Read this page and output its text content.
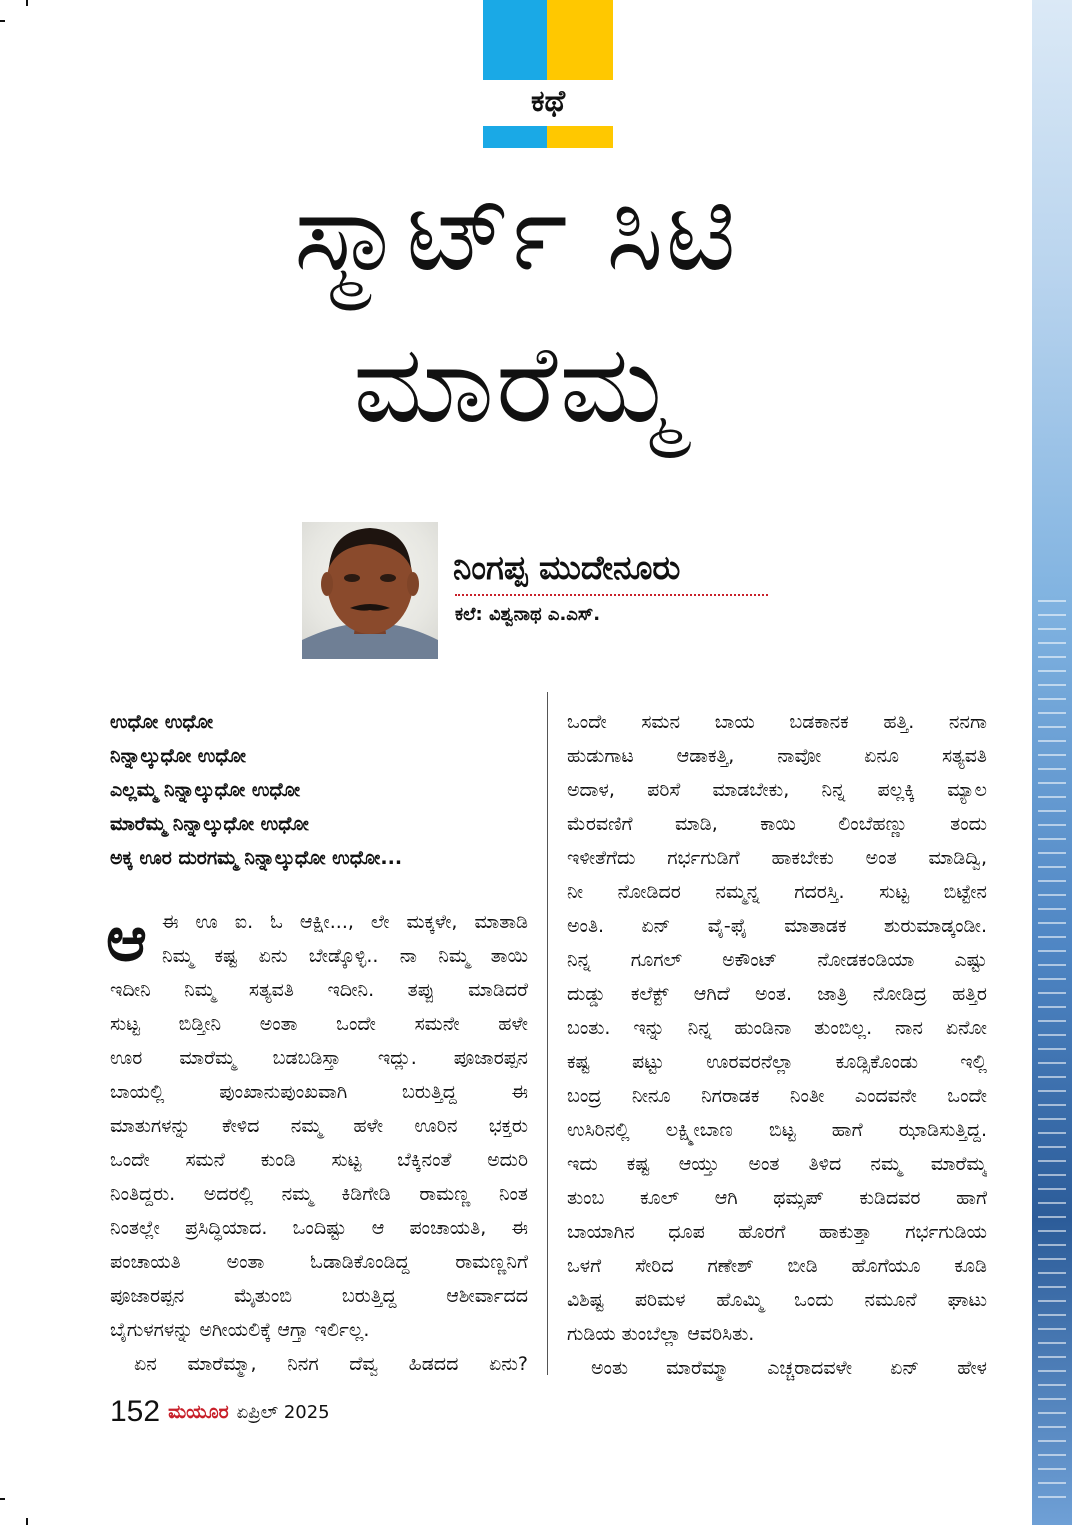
ಕಥೆ
ಸ್ಮಾರ್ಟ್ ಸಿಟಿ
ಮಾರೆಮ್ಮ
ನಿಂಗಪ್ಪ ಮುದೇನೂರು
ಕಲೆ: ವಿಶ್ವನಾಥ ಎ.ಎಸ್.
ಉಧೋ ಉಧೋ
ನಿನ್ನಾಲ್ಕುಧೋ ಉಧೋ
ಎಲ್ಲಮ್ಮ ನಿನ್ನಾಲ್ಕುಧೋ ಉಧೋ
ಮಾರೆಮ್ಮ ನಿನ್ನಾಲ್ಕುಧೋ ಉಧೋ
ಅಕ್ಕ ಊರ ದುರಗಮ್ಮ ನಿನ್ನಾಲ್ಕುಧೋ ಉಧೋ...
ಆ ಈ ಊ ಐ. ಓ ಆಕ್ಷೀ..., ಲೇ ಮಕ್ಕಳೇ, ಮಾತಾಡಿ
ನಿಮ್ಮ ಕಷ್ಟ ಏನು ಬೇಡ್ಕೊಳ್ಳಿ.. ನಾ ನಿಮ್ಮ ತಾಯಿ
ಇದೀನಿ ನಿಮ್ಮ ಸತ್ಯವತಿ ಇದೀನಿ. ತಪ್ಪು ಮಾಡಿದರೆ
ಸುಟ್ಟ ಬಿಡ್ತೀನಿ ಅಂತಾ ಒಂದೇ ಸಮನೇ ಹಳೇ
ಊರ ಮಾರೆಮ್ಮ ಬಡಬಡಿಸ್ತಾ ಇದ್ಲು. ಪೂಜಾರಪ್ಪನ
ಬಾಯಲ್ಲಿ ಪುಂಖಾನುಪುಂಖವಾಗಿ ಬರುತ್ತಿದ್ದ ಈ
ಮಾತುಗಳನ್ನು ಕೇಳಿದ ನಮ್ಮ ಹಳೇ ಊರಿನ ಭಕ್ತರು
ಒಂದೇ ಸಮನೆ ಕುಂಡಿ ಸುಟ್ಟ ಬೆಕ್ಕಿನಂತೆ ಅದುರಿ
ನಿಂತಿದ್ದರು. ಅದರಲ್ಲಿ ನಮ್ಮ ಕಿಡಿಗೇಡಿ ರಾಮಣ್ಣ ನಿಂತ
ನಿಂತಲ್ಲೇ ಪ್ರಸಿದ್ಧಿಯಾದ. ಒಂದಿಷ್ಟು ಆ ಪಂಚಾಯತಿ, ಈ
ಪಂಚಾಯತಿ ಅಂತಾ ಓಡಾಡಿಕೊಂಡಿದ್ದ ರಾಮಣ್ಣನಿಗೆ
ಪೂಜಾರಪ್ಪನ ಮೈತುಂಬಿ ಬರುತ್ತಿದ್ದ ಆಶೀರ್ವಾದದ
ಬೈಗುಳಗಳನ್ನು ಅಗೀಯಲಿಕ್ಕೆ ಆಗ್ತಾ ಇರ್ಲಿಲ್ಲ.
ಏನ ಮಾರೆಮ್ಮಾ, ನಿನಗ ದೆವ್ವ ಹಿಡದದ ಏನು?
ಒಂದೇ ಸಮನ ಬಾಯ ಬಡಕಾನಕ ಹತ್ತಿ. ನನಗಾ
ಹುಡುಗಾಟ ಆಡಾಕತ್ತಿ, ನಾವೋ ಏನೂ ಸತ್ಯವತಿ
ಅದಾಳ, ಪರಿಸೆ ಮಾಡಬೇಕು, ನಿನ್ನ ಪಲ್ಲಕ್ಕಿ ಮ್ಯಾಲ
ಮೆರವಣಿಗೆ ಮಾಡಿ, ಕಾಯಿ ಲಿಂಬೆಹಣ್ಣು ತಂದು
ಇಳೀತೆಗೆದು ಗರ್ಭಗುಡಿಗೆ ಹಾಕಬೇಕು ಅಂತ ಮಾಡಿದ್ವಿ,
ನೀ ನೋಡಿದರ ನಮ್ಮನ್ನ ಗದರಸ್ತಿ. ಸುಟ್ಟ ಬಿಟ್ಟೇನ
ಅಂತಿ. ಏನ್ ವೈ-ಫೈ ಮಾತಾಡಕ ಶುರುಮಾಡ್ಕಂಡೀ.
ನಿನ್ನ ಗೂಗಲ್ ಅಕೌಂಟ್ ನೋಡಕಂಡಿಯಾ ಎಷ್ಟು
ದುಡ್ಡು ಕಲೆಕ್ಟ್ ಆಗಿದೆ ಅಂತ. ಜಾತ್ರಿ ನೋಡಿದ್ರ ಹತ್ತಿರ
ಬಂತು. ಇನ್ನು ನಿನ್ನ ಹುಂಡಿನಾ ತುಂಬಿಲ್ಲ. ನಾನ ಏನೋ
ಕಷ್ಟ ಪಟ್ಟು ಊರವರನೆಲ್ಲಾ ಕೂಡ್ಸಿಕೊಂಡು ಇಲ್ಲಿ
ಬಂದ್ರ ನೀನೂ ನಿಗರಾಡಕ ನಿಂತೀ ಎಂದವನೇ ಒಂದೇ
ಉಸಿರಿನಲ್ಲಿ ಲಕ್ಷ್ಮೀಬಾಣ ಬಿಟ್ಟ ಹಾಗೆ ಝಾಡಿಸುತ್ತಿದ್ದ.
ಇದು ಕಷ್ಟ ಆಯ್ತು ಅಂತ ತಿಳಿದ ನಮ್ಮ ಮಾರೆಮ್ಮ
ತುಂಬ ಕೂಲ್ ಆಗಿ ಥಮ್ಸಪ್ ಕುಡಿದವರ ಹಾಗೆ
ಬಾಯಾಗಿನ ಧೂಪ ಹೊರಗೆ ಹಾಕುತ್ತಾ ಗರ್ಭಗುಡಿಯ
ಒಳಗೆ ಸೇರಿದ ಗಣೇಶ್ ಬೀಡಿ ಹೊಗೆಯೂ ಕೂಡಿ
ವಿಶಿಷ್ಟ ಪರಿಮಳ ಹೊಮ್ಮಿ ಒಂದು ನಮೂನೆ ಘಾಟು
ಗುಡಿಯ ತುಂಬೆಲ್ಲಾ ಆವರಿಸಿತು.
ಅಂತು ಮಾರೆಮ್ಮಾ ಎಚ್ಚರಾದವಳೇ ಏನ್ ಹೇಳ
152 ಮಯೂರ ಏಪ್ರಿಲ್ 2025
